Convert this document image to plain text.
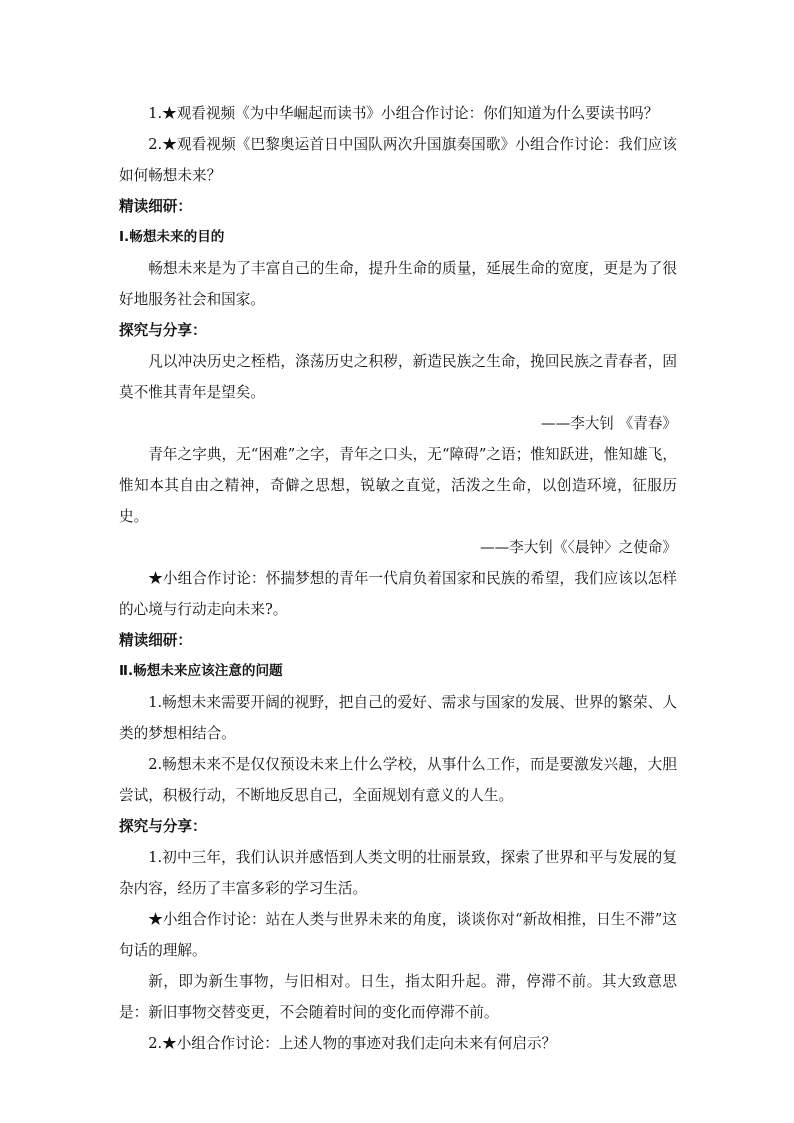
1.★观看视频《为中华崛起而读书》小组合作讨论：你们知道为什么要读书吗？

2.★观看视频《巴黎奥运首日中国队两次升国旗奏国歌》小组合作讨论：我们应该如何畅想未来？

精读细研：

Ⅰ.畅想未来的目的

畅想未来是为了丰富自己的生命，提升生命的质量，延展生命的宽度，更是为了很好地服务社会和国家。

探究与分享：

凡以冲决历史之桎梏，涤荡历史之积秽，新造民族之生命，挽回民族之青春者，固莫不惟其青年是望矣。

——李大钊 《青春》

青年之字典，无“困难”之字，青年之口头，无“障碍”之语；惟知跃进，惟知雄飞，惟知本其自由之精神，奇僻之思想，锐敏之直觉，活泼之生命，以创造环境，征服历史。

——李大钊《〈晨钟〉之使命》

★小组合作讨论：怀揣梦想的青年一代肩负着国家和民族的希望，我们应该以怎样的心境与行动走向未来?。

精读细研：

Ⅱ.畅想未来应该注意的问题

1.畅想未来需要开阔的视野，把自己的爱好、需求与国家的发展、世界的繁荣、人类的梦想相结合。

2.畅想未来不是仅仅预设未来上什么学校，从事什么工作，而是要激发兴趣，大胆尝试，积极行动，不断地反思自己，全面规划有意义的人生。

探究与分享：

1.初中三年，我们认识并感悟到人类文明的壮丽景致，探索了世界和平与发展的复杂内容，经历了丰富多彩的学习生活。

★小组合作讨论：站在人类与世界未来的角度，谈谈你对“新故相推，日生不滞”这句话的理解。

新，即为新生事物，与旧相对。日生，指太阳升起。滞，停滞不前。其大致意思是：新旧事物交替变更，不会随着时间的变化而停滞不前。

2.★小组合作讨论：上述人物的事迹对我们走向未来有何启示？
